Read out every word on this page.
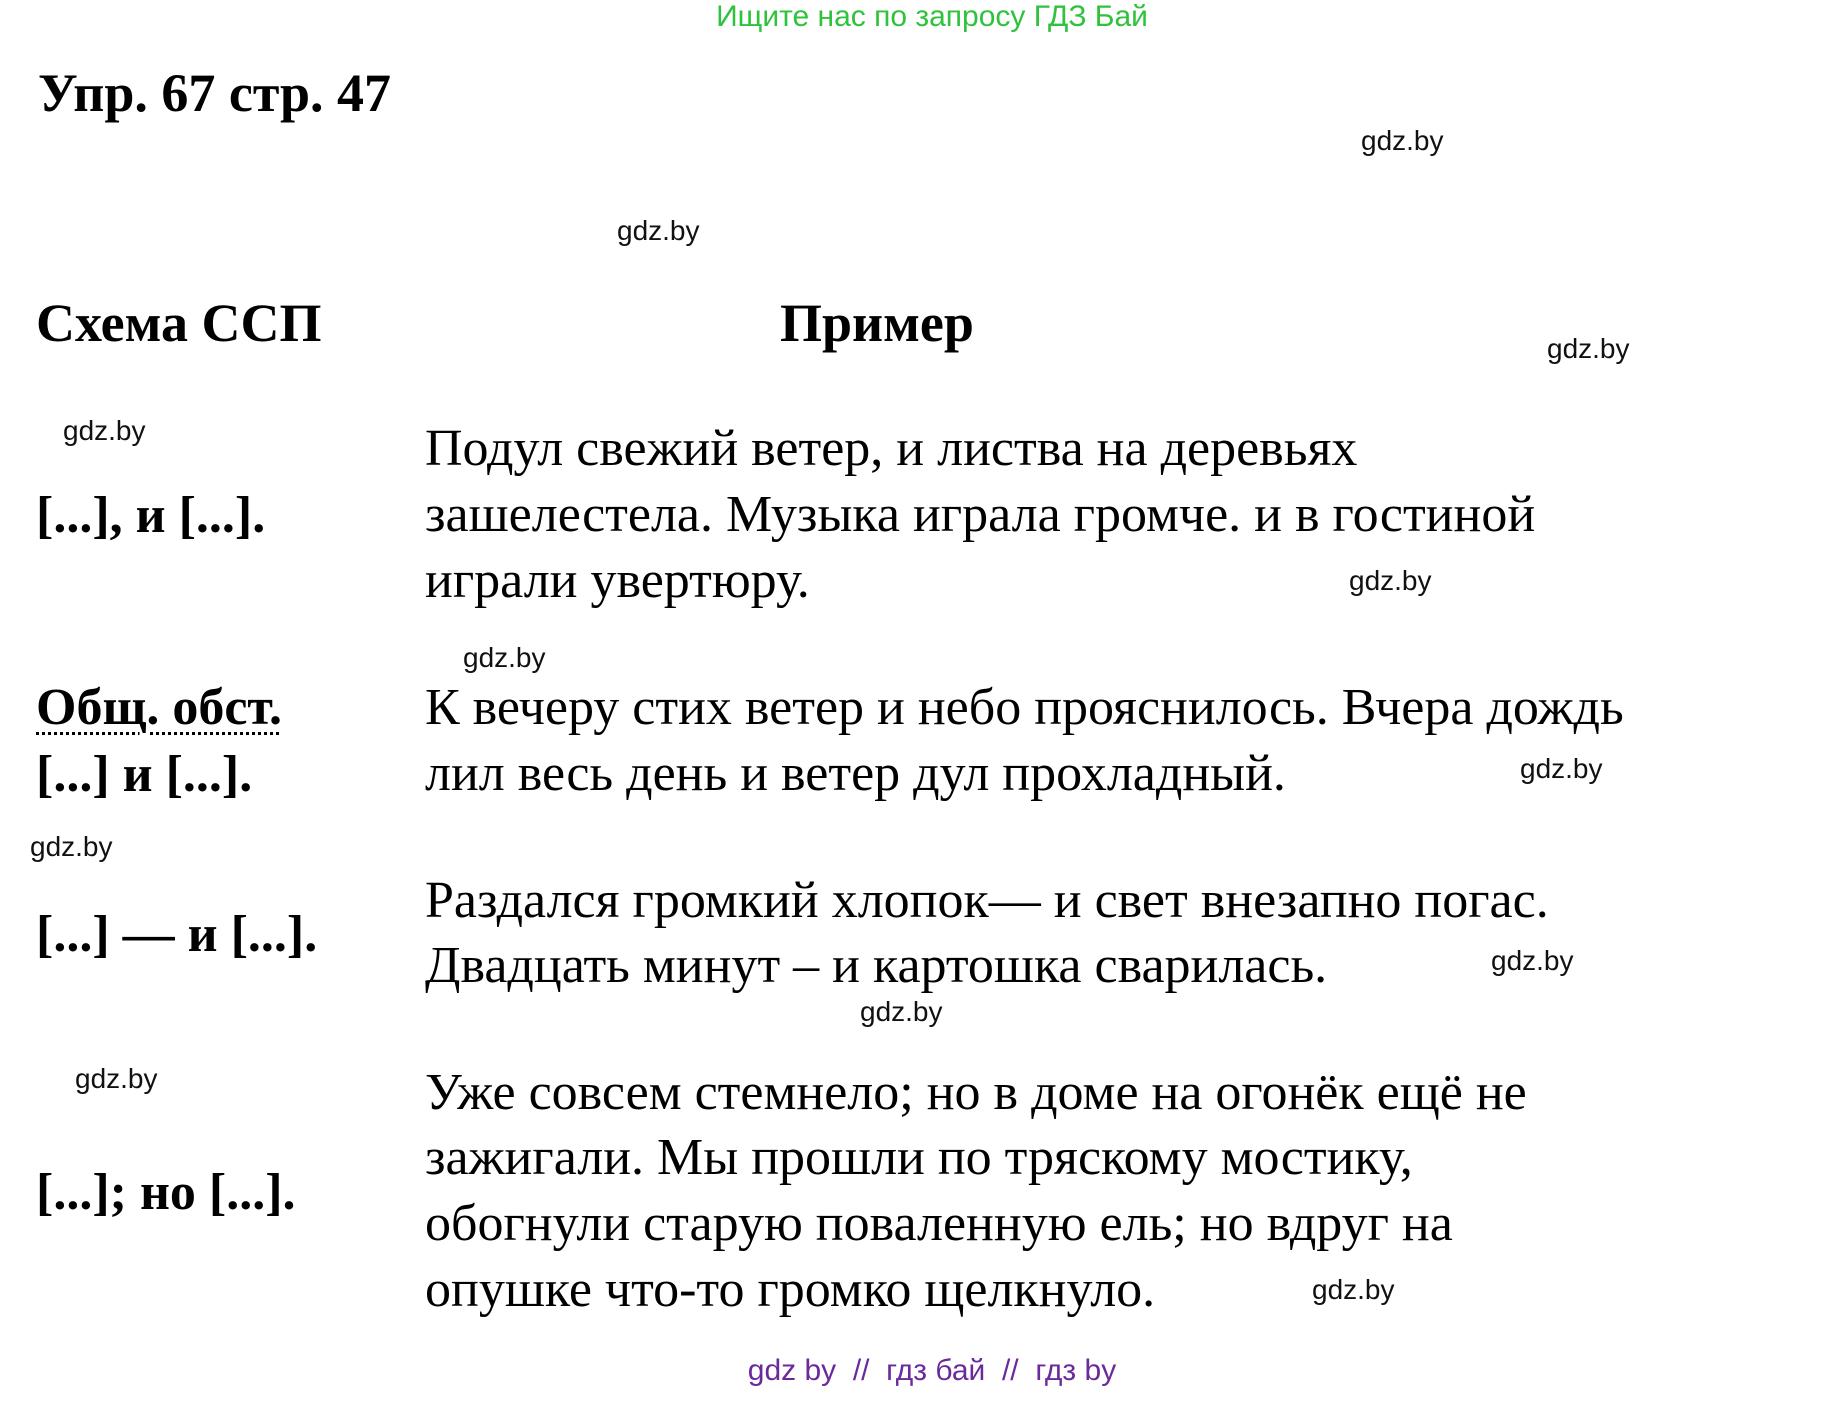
Ищите нас по запросу ГДЗ Бай
Упр. 67 стр. 47
Схема ССП	Пример
gdz.by
gdz.by
gdz.by
gdz.by
gdz.by
gdz.by
gdz.by
gdz.by
gdz.by
gdz.by
gdz.by
gdz.by
[...], и [...].
Подул свежий ветер, и листва на деревьях
зашелестела. Музыка играла громче. и в гостиной
играли увертюру.
Общ. обст.
[...] и [...].
К вечеру стих ветер и небо прояснилось. Вчера дождь
лил весь день и ветер дул прохладный.
[...] — и [...].
Раздался громкий хлопок— и свет внезапно погас.
Двадцать минут – и картошка сварилась.
[...]; но [...].
Уже совсем стемнело; но в доме на огонёк ещё не
зажигали. Мы прошли по тряскому мостику,
обогнули старую поваленную ель; но вдруг на
опушке что-то громко щелкнуло.
gdz by  //  гдз бай  //  гдз by
